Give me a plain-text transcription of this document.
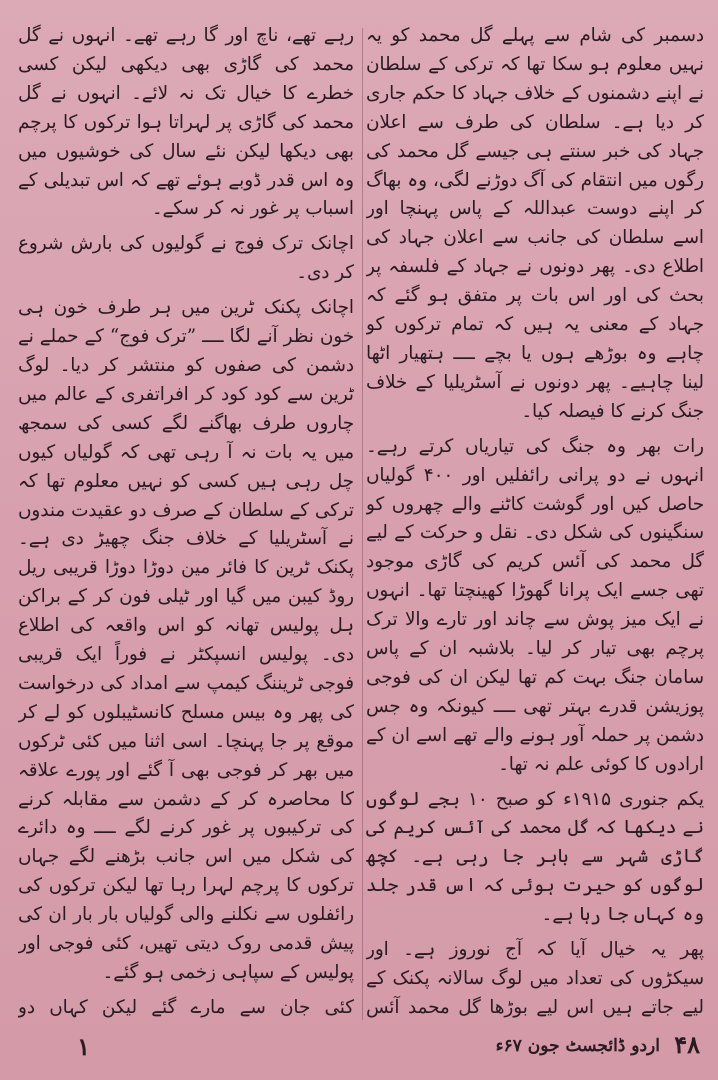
دسمبر کی شام سے پہلے گل محمد کو یہ نہیں معلوم ہو سکا تھا کہ ترکی کے سلطان نے اپنے دشمنوں کے خلاف جہاد کا حکم جاری کر دیا ہے۔ سلطان کی طرف سے اعلان جہاد کی خبر سنتے ہی جیسے گل محمد کی رگوں میں انتقام کی آگ دوڑنے لگی، وہ بھاگ کر اپنے دوست عبداللہ کے پاس پہنچا اور اسے سلطان کی جانب سے اعلان جہاد کی اطلاع دی۔ پھر دونوں نے جہاد کے فلسفہ پر بحث کی اور اس بات پر متفق ہو گئے کہ جہاد کے معنی یہ ہیں کہ تمام ترکوں کو چاہے وہ بوڑھے ہوں یا بچے ــــ ہتھیار اٹھا لینا چاہیے۔ پھر دونوں نے آسٹریلیا کے خلاف جنگ کرنے کا فیصلہ کیا۔

رات بھر وہ جنگ کی تیاریاں کرتے رہے۔ انہوں نے دو پرانی رائفلیں اور ۴۰۰ گولیاں حاصل کیں اور گوشت کاٹنے والے چھروں کو سنگینوں کی شکل دی۔ نقل و حرکت کے لیے گل محمد کی آئس کریم کی گاڑی موجود تھی جسے ایک پرانا گھوڑا کھینچتا تھا۔ انہوں نے ایک میز پوش سے چاند اور تارے والا ترک پرچم بھی تیار کر لیا۔ بلاشبہ ان کے پاس سامان جنگ بہت کم تھا لیکن ان کی فوجی پوزیشن قدرے بہتر تھی ــــ کیونکہ وہ جس دشمن پر حملہ آور ہونے والے تھے اسے ان کے ارادوں کا کوئی علم نہ تھا۔

یکم جنوری ۱۹۱۵ء کو صبح ۱۰ بجے لوگوں نے دیکھا کہ گل محمد کی آئس کریم کی گاڑی شہر سے باہر جا رہی ہے۔ کچھ لوگوں کو حیرت ہوئی کہ اس قدر جلد وہ کہاں جا رہا ہے۔

پھر یہ خیال آیا کہ آج نوروز ہے۔ اور سیکڑوں کی تعداد میں لوگ سالانہ پکنک کے لیے جاتے ہیں اس لیے بوڑھا گل محمد آئس

رہے تھے، ناچ اور گا رہے تھے۔ انہوں نے گل محمد کی گاڑی بھی دیکھی لیکن کسی خطرے کا خیال تک نہ لائے۔ انہوں نے گل محمد کی گاڑی پر لہراتا ہوا ترکوں کا پرچم بھی دیکھا لیکن نئے سال کی خوشیوں میں وہ اس قدر ڈوبے ہوئے تھے کہ اس تبدیلی کے اسباب پر غور نہ کر سکے۔

اچانک ترک فوج نے گولیوں کی بارش شروع کر دی۔

اچانک پکنک ٹرین میں ہر طرف خون ہی خون نظر آنے لگا ــــ ”ترک فوج“ کے حملے نے دشمن کی صفوں کو منتشر کر دیا۔ لوگ ٹرین سے کود کود کر افراتفری کے عالم میں چاروں طرف بھاگنے لگے کسی کی سمجھ میں یہ بات نہ آ رہی تھی کہ گولیاں کیوں چل رہی ہیں کسی کو نہیں معلوم تھا کہ ترکی کے سلطان کے صرف دو عقیدت مندوں نے آسٹریلیا کے خلاف جنگ چھیڑ دی ہے۔ پکنک ٹرین کا فائر مین دوڑا دوڑا قریبی ریل روڈ کیبن میں گیا اور ٹیلی فون کر کے براکن ہل پولیس تھانہ کو اس واقعہ کی اطلاع دی۔ پولیس انسپکٹر نے فوراً ایک قریبی فوجی ٹریننگ کیمپ سے امداد کی درخواست کی پھر وہ بیس مسلح کانسٹیبلوں کو لے کر موقع پر جا پہنچا۔ اسی اثنا میں کئی ٹرکوں میں بھر کر فوجی بھی آ گئے اور پورے علاقہ کا محاصرہ کر کے دشمن سے مقابلہ کرنے کی ترکیبوں پر غور کرنے لگے ــــ وہ دائرے کی شکل میں اس جانب بڑھنے لگے جہاں ترکوں کا پرچم لہرا رہا تھا لیکن ترکوں کی رائفلوں سے نکلنے والی گولیاں بار بار ان کی پیش قدمی روک دیتی تھیں، کئی فوجی اور پولیس کے سپاہی زخمی ہو گئے۔

کئی جان سے مارے گئے لیکن کہاں دو

۴۸
اردو ڈائجسٹ جون ۶۷ء
۱
